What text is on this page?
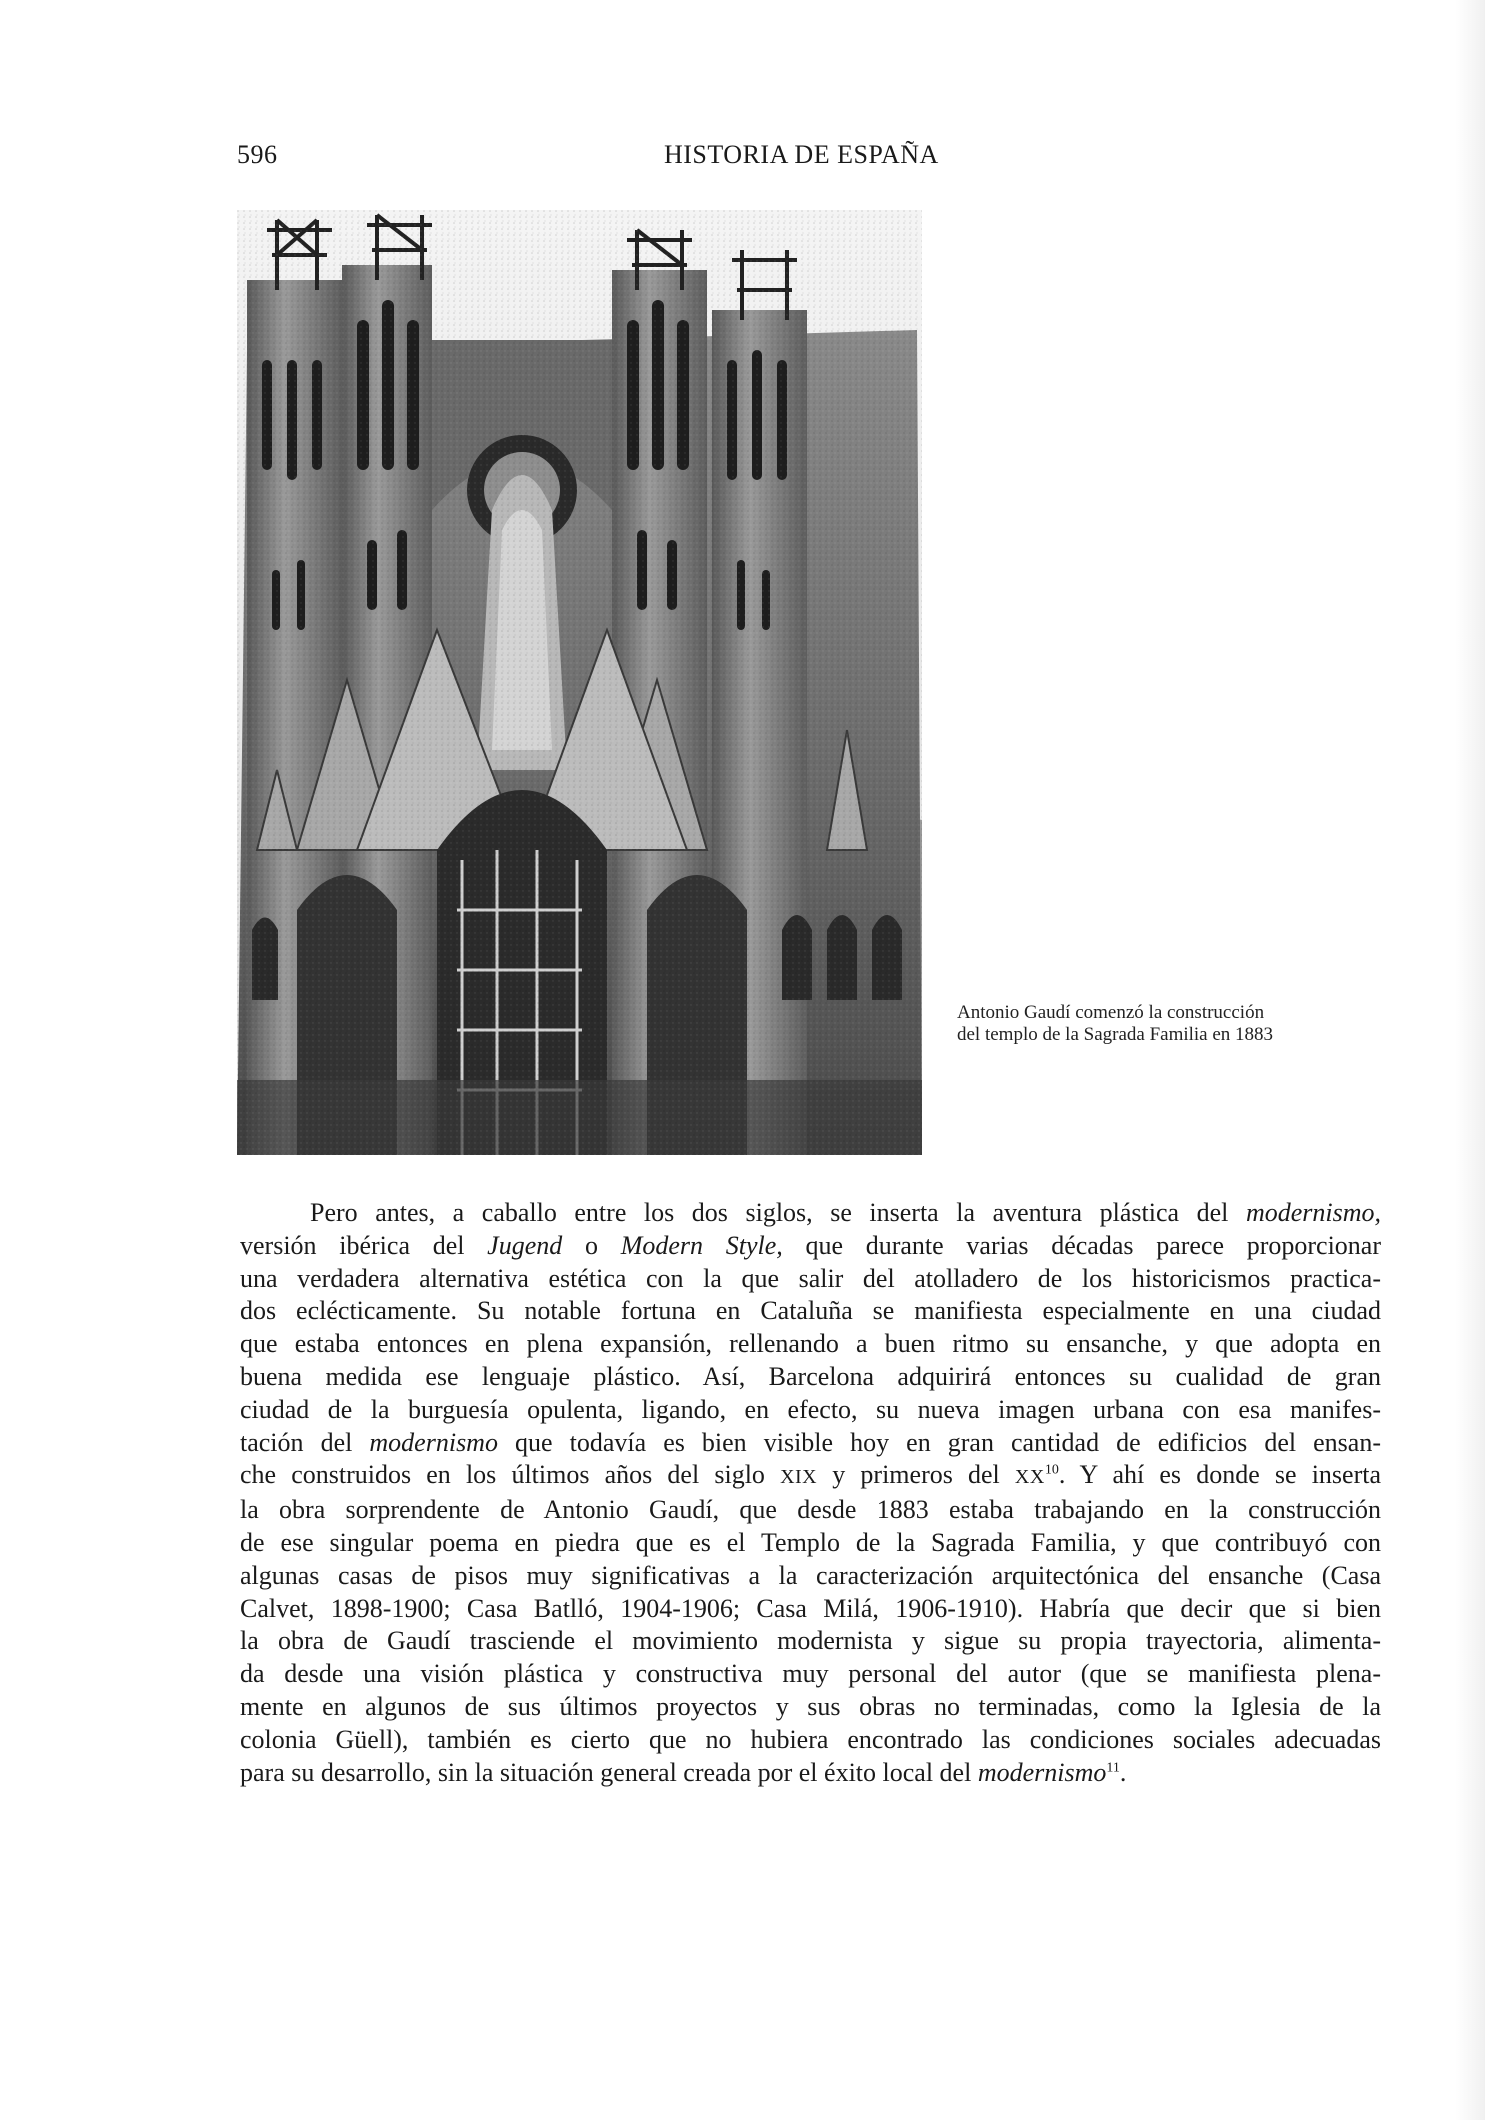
596	HISTORIA DE ESPAÑA
Antonio Gaudí comenzó la construcción
del templo de la Sagrada Familia en 1883
Pero antes, a caballo entre los dos siglos, se inserta la aventura plástica del modernismo,
versión ibérica del Jugend o Modern Style, que durante varias décadas parece proporcionar
una verdadera alternativa estética con la que salir del atolladero de los historicismos practica-
dos eclécticamente. Su notable fortuna en Cataluña se manifiesta especialmente en una ciudad
que estaba entonces en plena expansión, rellenando a buen ritmo su ensanche, y que adopta en
buena medida ese lenguaje plástico. Así, Barcelona adquirirá entonces su cualidad de gran
ciudad de la burguesía opulenta, ligando, en efecto, su nueva imagen urbana con esa manifes-
tación del modernismo que todavía es bien visible hoy en gran cantidad de edificios del ensan-
che construidos en los últimos años del siglo XIX y primeros del XX$^{10}$. Y ahí es donde se inserta
la obra sorprendente de Antonio Gaudí, que desde 1883 estaba trabajando en la construcción
de ese singular poema en piedra que es el Templo de la Sagrada Familia, y que contribuyó con
algunas casas de pisos muy significativas a la caracterización arquitectónica del ensanche (Casa
Calvet, 1898-1900; Casa Batlló, 1904-1906; Casa Milá, 1906-1910). Habría que decir que si bien
la obra de Gaudí trasciende el movimiento modernista y sigue su propia trayectoria, alimenta-
da desde una visión plástica y constructiva muy personal del autor (que se manifiesta plena-
mente en algunos de sus últimos proyectos y sus obras no terminadas, como la Iglesia de la
colonia Güell), también es cierto que no hubiera encontrado las condiciones sociales adecuadas
para su desarrollo, sin la situación general creada por el éxito local del modernismo$^{11}$.
